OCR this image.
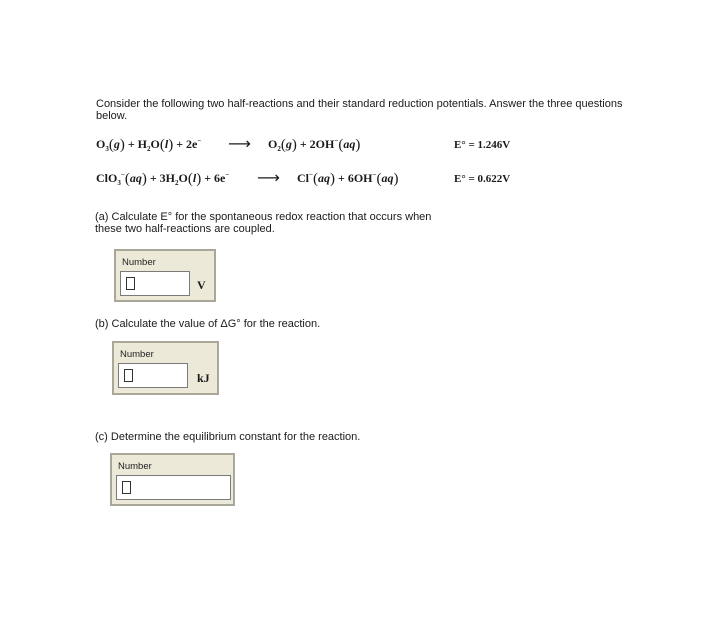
Consider the following two half-reactions and their standard reduction potentials. Answer the three questions below.
$O_3(g) + H_2O(l) + 2e^-$ ⟶ $O_2(g) + 2OH^-(aq)$	E° = 1.246V
$ClO_3^-(aq) + 3H_2O(l) + 6e^-$ ⟶ Cl−(aq) + 6OH−(aq)	E° = 0.622V
(a) Calculate E° for the spontaneous redox reaction that occurs when these two half-reactions are coupled.
Number
V
(b) Calculate the value of ΔG° for the reaction.
Number
kJ
(c) Determine the equilibrium constant for the reaction.
Number
